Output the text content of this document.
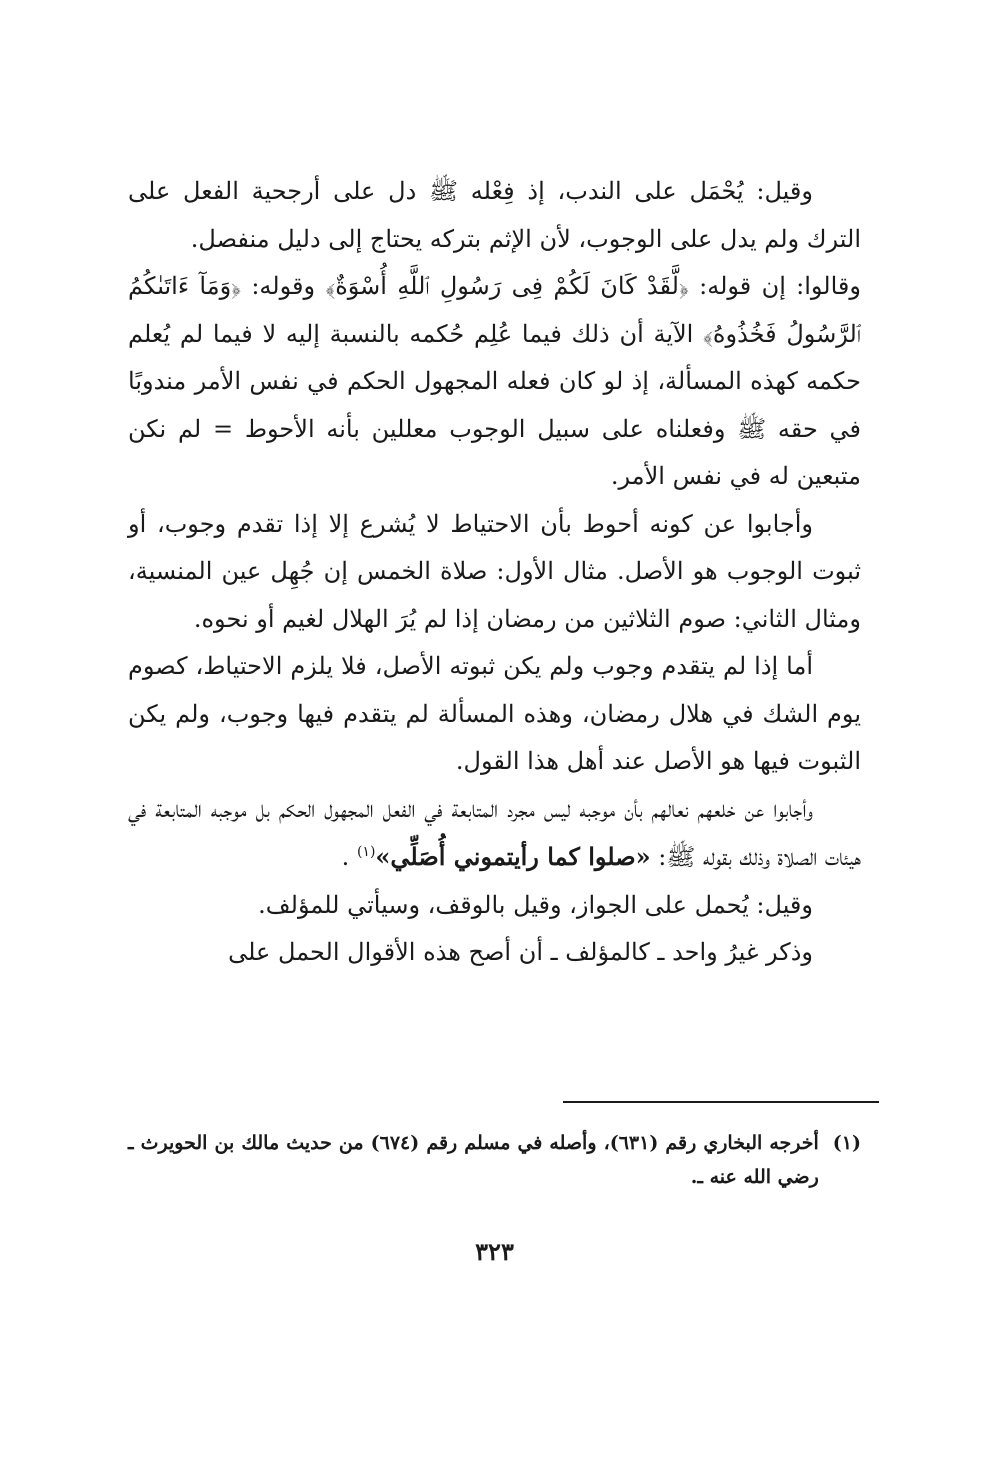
وقيل: يُحْمَل على الندب، إذ فِعْله ﷺ دل على أرجحية الفعل على الترك ولم يدل على الوجوب، لأن الإثم بتركه يحتاج إلى دليل منفصل.

وقالوا: إن قوله: ﴿لَّقَدْ كَانَ لَكُمْ فِى رَسُولِ ٱللَّهِ أُسْوَةٌ﴾ وقوله: ﴿وَمَآ ءَاتَىٰكُمُ ٱلرَّسُولُ فَخُذُوهُ﴾ الآية أن ذلك فيما عُلِم حُكمه بالنسبة إليه لا فيما لم يُعلم حكمه كهذه المسألة، إذ لو كان فعله المجهول الحكم في نفس الأمر مندوبًا في حقه ﷺ وفعلناه على سبيل الوجوب معللين بأنه الأحوط = لم نكن متبعين له في نفس الأمر.

وأجابوا عن كونه أحوط بأن الاحتياط لا يُشرع إلا إذا تقدم وجوب، أو ثبوت الوجوب هو الأصل. مثال الأول: صلاة الخمس إن جُهِل عين المنسية، ومثال الثاني: صوم الثلاثين من رمضان إذا لم يُرَ الهلال لغيم أو نحوه.

أما إذا لم يتقدم وجوب ولم يكن ثبوته الأصل، فلا يلزم الاحتياط، كصوم يوم الشك في هلال رمضان، وهذه المسألة لم يتقدم فيها وجوب، ولم يكن الثبوت فيها هو الأصل عند أهل هذا القول.

وأجابوا عن خلعهم نعالهم بأن موجبه ليس مجرد المتابعة في الفعل المجهول الحكم بل موجبه المتابعة في هيئات الصلاة وذلك بقوله ﷺ: «صلوا كما رأيتموني أُصَلِّي»$^{(١)}$ .

وقيل: يُحمل على الجواز، وقيل بالوقف، وسيأتي للمؤلف.

وذكر غيرُ واحد ـ كالمؤلف ـ أن أصح هذه الأقوال الحمل على

(١)
أخرجه البخاري رقم (٦٣١)، وأصله في مسلم رقم (٦٧٤) من حديث مالك بن الحويرث ـ رضي الله عنه ـ.
٣٢٣
